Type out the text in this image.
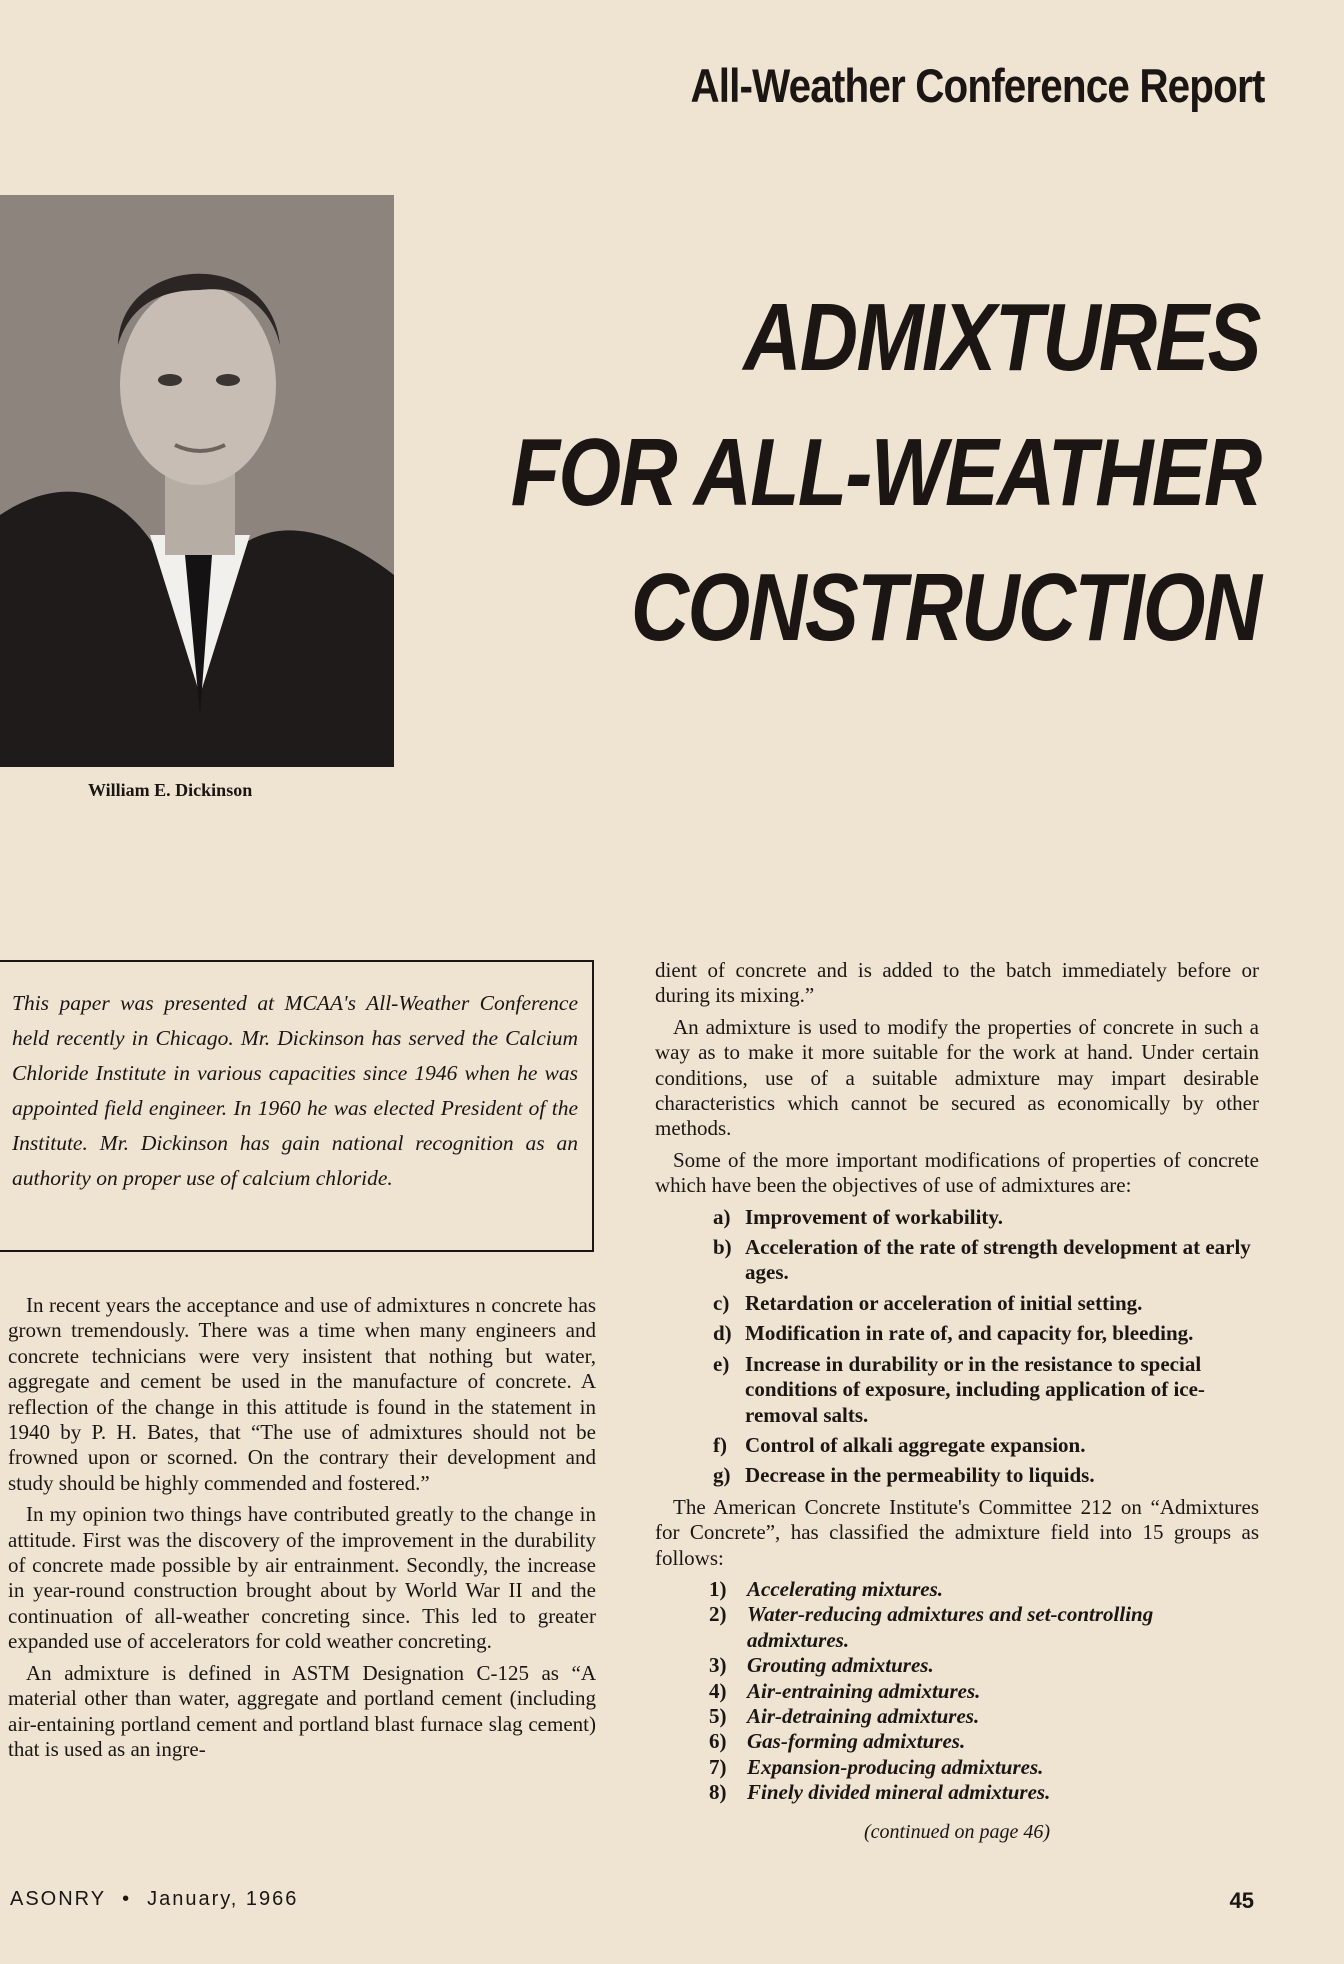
All-Weather Conference Report
ADMIXTURES
FOR ALL-WEATHER
CONSTRUCTION
William E. Dickinson
This paper was presented at MCAA's All-Weather Conference held recently in Chicago. Mr. Dickinson has served the Calcium Chloride Institute in various capacities since 1946 when he was appointed field engineer. In 1960 he was elected President of the Institute. Mr. Dickinson has gain national recognition as an authority on proper use of calcium chloride.

In recent years the acceptance and use of admixtures n concrete has grown tremendously. There was a time when many engineers and concrete technicians were very insistent that nothing but water, aggregate and cement be used in the manufacture of concrete. A reflection of the change in this attitude is found in the statement in 1940 by P. H. Bates, that “The use of admixtures should not be frowned upon or scorned. On the contrary their development and study should be highly commended and fostered.”

In my opinion two things have contributed greatly to the change in attitude. First was the discovery of the improvement in the durability of concrete made possible by air entrainment. Secondly, the increase in year-round construction brought about by World War II and the continuation of all-weather concreting since. This led to greater expanded use of accelerators for cold weather concreting.

An admixture is defined in ASTM Designation C-125 as “A material other than water, aggregate and portland cement (including air-entaining portland cement and portland blast furnace slag cement) that is used as an ingre-

dient of concrete and is added to the batch immediately before or during its mixing.”

An admixture is used to modify the properties of concrete in such a way as to make it more suitable for the work at hand. Under certain conditions, use of a suitable admixture may impart desirable characteristics which cannot be secured as economically by other methods.

Some of the more important modifications of properties of concrete which have been the objectives of use of admixtures are:

a) Improvement of workability.
b) Acceleration of the rate of strength development at early ages.
c) Retardation or acceleration of initial setting.
d) Modification in rate of, and capacity for, bleeding.
e) Increase in durability or in the resistance to special conditions of exposure, including application of ice-removal salts.
f) Control of alkali aggregate expansion.
g) Decrease in the permeability to liquids.

The American Concrete Institute's Committee 212 on “Admixtures for Concrete”, has classified the admixture field into 15 groups as follows:

1) Accelerating mixtures.
2) Water-reducing admixtures and set-controlling admixtures.
3) Grouting admixtures.
4) Air-entraining admixtures.
5) Air-detraining admixtures.
6) Gas-forming admixtures.
7) Expansion-producing admixtures.
8) Finely divided mineral admixtures.
(continued on page 46)
ASONRY • January, 1966	45
